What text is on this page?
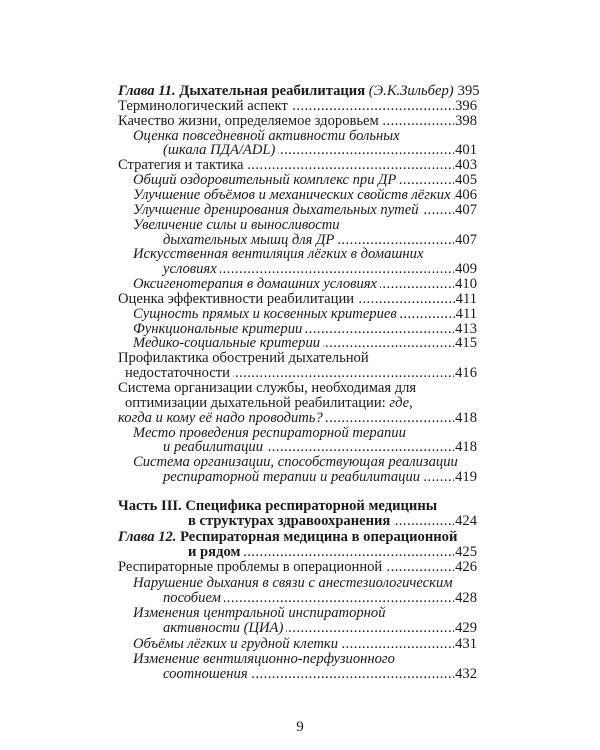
Глава 11. Дыхательная реабилитация (Э.К.Зильбер) 395
Терминологический аспект . . .	396
Качество жизни, определяемое здоровьем . . .	398
Оценка повседневной активности больных
(шкала ПДА/ADL) . . .	401
Стратегия и тактика . . .	403
Общий оздоровительный комплекс при ДР . . .	405
Улучшение объёмов и механических свойств лёгких . . . 406
Улучшение дренирования дыхательных путей . . .	407
Увеличение силы и выносливости
дыхательных мышц для ДР . . .	407
Искусственная вентиляция лёгких в домашних
условиях . . .	409
Оксигенотерапия в домашних условиях . . .	410
Оценка эффективности реабилитации . . .	411
Сущность прямых и косвенных критериев . . .	411
Функциональные критерии . . .	413
Медико-социальные критерии . . .	415
Профилактика обострений дыхательной
недостаточности . . .	416
Система организации службы, необходимая для
оптимизации дыхательной реабилитации: где,
когда и кому её надо проводить? . . .	418
Место проведения респираторной терапии
и реабилитации . . .	418
Система организации, способствующая реализации
респираторной терапии и реабилитации . . . 419
Часть III. Специфика респираторной медицины
в структурах здравоохранения . . .	424
Глава 12. Респираторная медицина в операционной
и рядом . . .	425
Респираторные проблемы в операционной . . .	426
Нарушение дыхания в связи с анестезиологическим
пособием . . .	428
Изменения центральной инспираторной
активности (ЦИА) . . .	429
Объёмы лёгких и грудной клетки . . .	431
Изменение вентиляционно-перфузионного
соотношения . . .	432
9
